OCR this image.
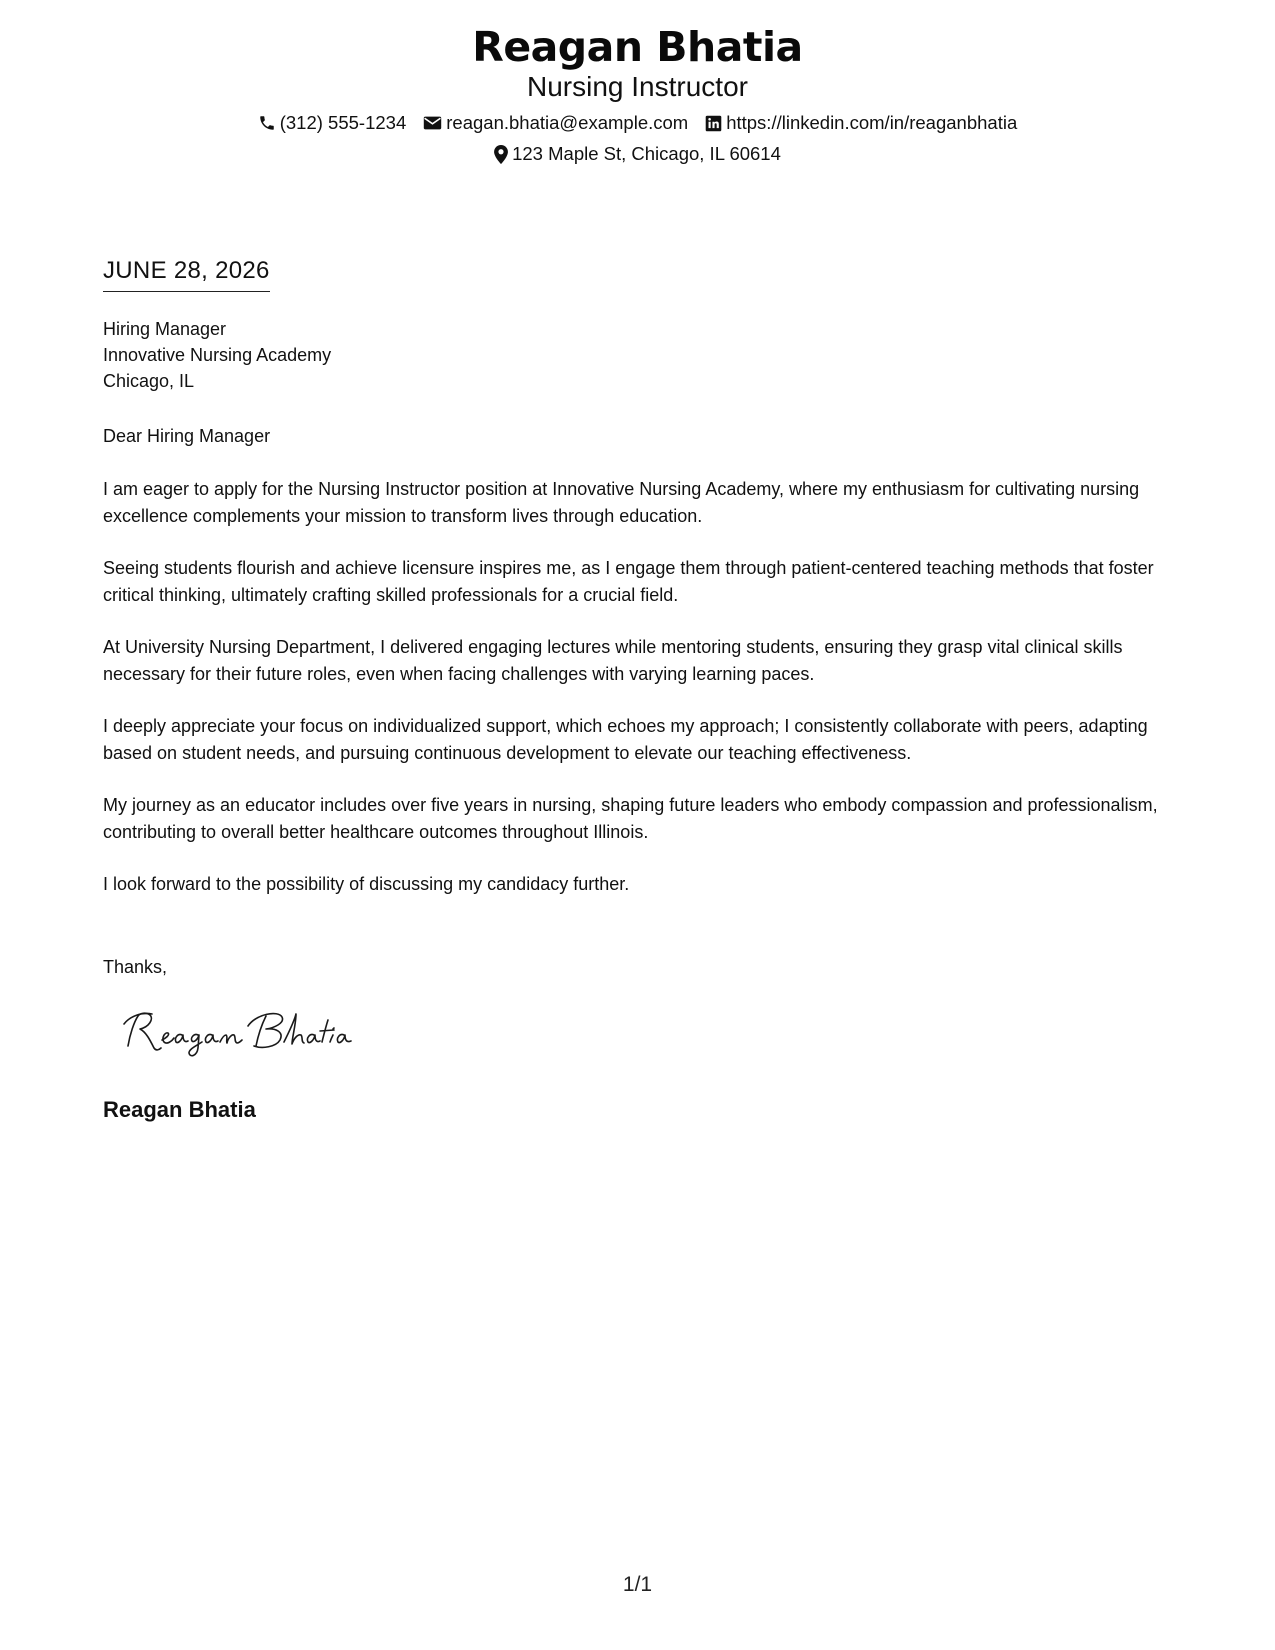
Reagan Bhatia
Nursing Instructor
(312) 555-1234 reagan.bhatia@example.com https://linkedin.com/in/reaganbhatia
123 Maple St, Chicago, IL 60614
JUNE 28, 2026
Hiring Manager
Innovative Nursing Academy
Chicago, IL
Dear Hiring Manager

I am eager to apply for the Nursing Instructor position at Innovative Nursing Academy, where my enthusiasm for cultivating nursing excellence complements your mission to transform lives through education.

Seeing students flourish and achieve licensure inspires me, as I engage them through patient-centered teaching methods that foster critical thinking, ultimately crafting skilled professionals for a crucial field.

At University Nursing Department, I delivered engaging lectures while mentoring students, ensuring they grasp vital clinical skills necessary for their future roles, even when facing challenges with varying learning paces.

I deeply appreciate your focus on individualized support, which echoes my approach; I consistently collaborate with peers, adapting based on student needs, and pursuing continuous development to elevate our teaching effectiveness.

My journey as an educator includes over five years in nursing, shaping future leaders who embody compassion and professionalism, contributing to overall better healthcare outcomes throughout Illinois.

I look forward to the possibility of discussing my candidacy further.

Thanks,
Reagan Bhatia
1/1
